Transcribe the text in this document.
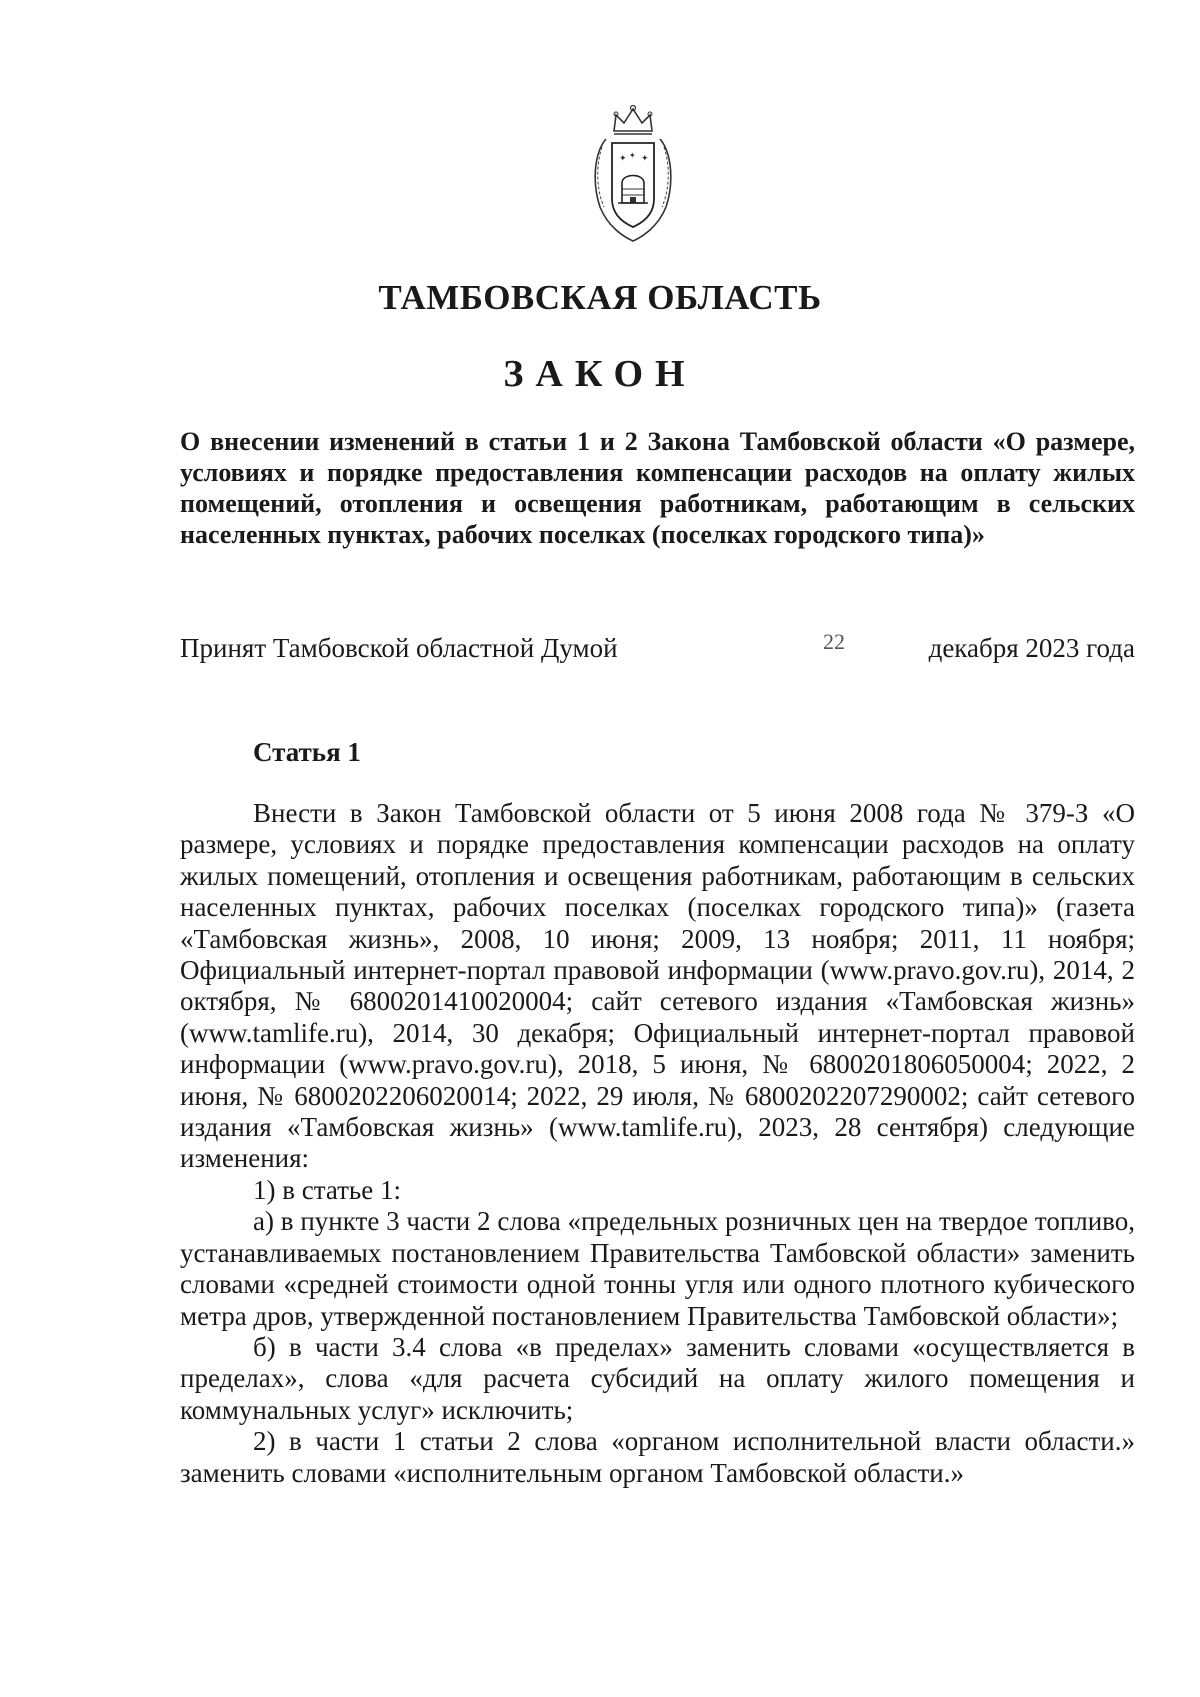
✦ ✦
✦
ТАМБОВСКАЯ ОБЛАСТЬ
ЗАКОН
О внесении изменений в статьи 1 и 2 Закона Тамбовской области «О размере, условиях и порядке предоставления компенсации расходов на оплату жилых помещений, отопления и освещения работникам, работающим в сельских населенных пунктах, рабочих поселках (поселках городского типа)»
Принят Тамбовской областной Думой	22	декабря 2023 года
Статья 1

Внести в Закон Тамбовской области от 5 июня 2008 года № 379-З «О размере, условиях и порядке предоставления компенсации расходов на оплату жилых помещений, отопления и освещения работникам, работающим в сельских населенных пунктах, рабочих поселках (поселках городского типа)» (газета «Тамбовская жизнь», 2008, 10 июня; 2009, 13 ноября; 2011, 11 ноября; Официальный интернет-портал правовой информации (www.pravo.gov.ru), 2014, 2 октября, № 6800201410020004; сайт сетевого издания «Тамбовская жизнь» (www.tamlife.ru), 2014, 30 декабря; Официальный интернет-портал правовой информации (www.pravo.gov.ru), 2018, 5 июня, № 6800201806050004; 2022, 2 июня, № 6800202206020014; 2022, 29 июля, № 6800202207290002; сайт сетевого издания «Тамбовская жизнь» (www.tamlife.ru), 2023, 28 сентября) следующие изменения:

1) в статье 1:

а) в пункте 3 части 2 слова «предельных розничных цен на твердое топливо, устанавливаемых постановлением Правительства Тамбовской области» заменить словами «средней стоимости одной тонны угля или одного плотного кубического метра дров, утвержденной постановлением Правительства Тамбовской области»;

б) в части 3.4 слова «в пределах» заменить словами «осуществляется в пределах», слова «для расчета субсидий на оплату жилого помещения и коммунальных услуг» исключить;

2) в части 1 статьи 2 слова «органом исполнительной власти области.» заменить словами «исполнительным органом Тамбовской области.»
